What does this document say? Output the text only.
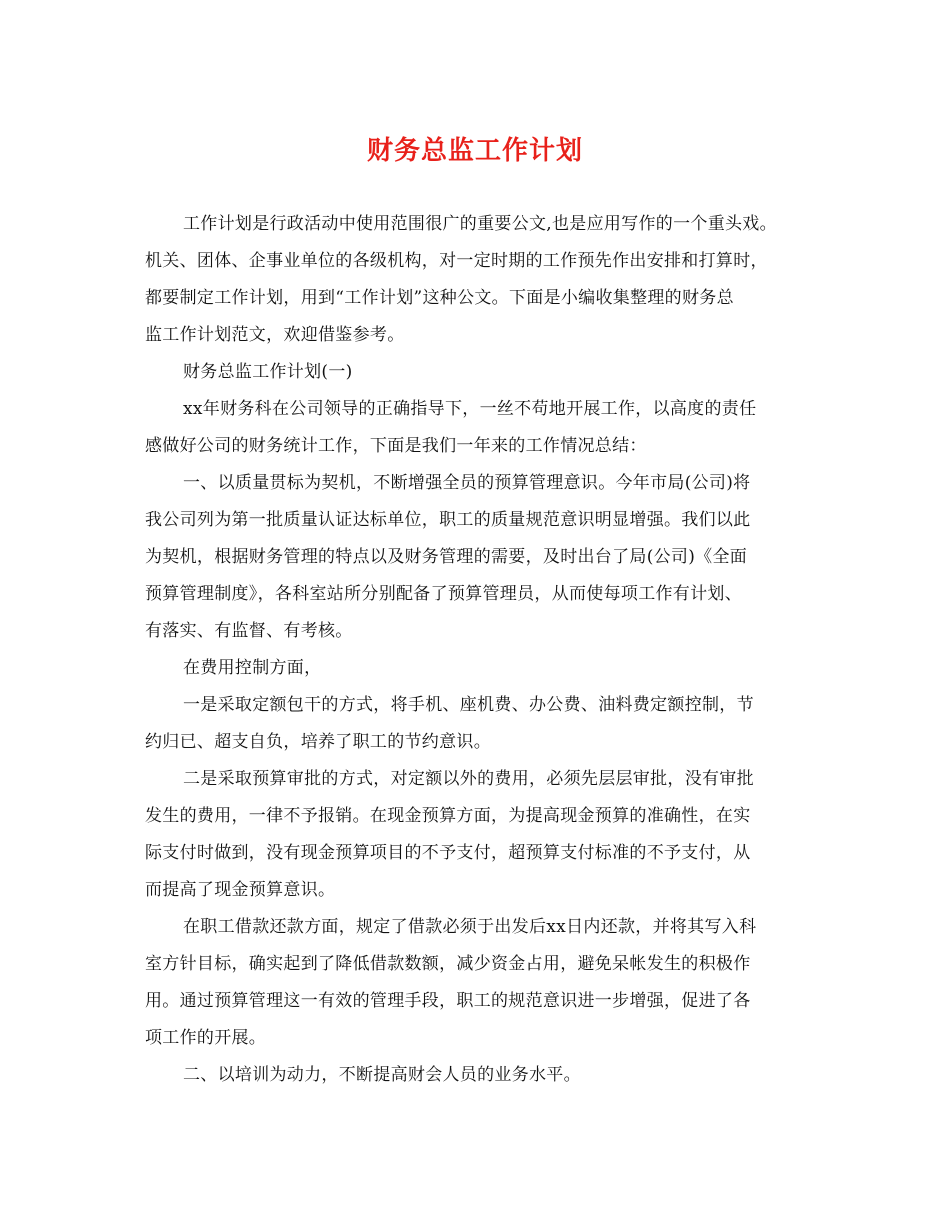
财务总监工作计划
工作计划是行政活动中使用范围很广的重要公文,也是应用写作的一个重头戏。
机关、团体、企事业单位的各级机构，对一定时期的工作预先作出安排和打算时，
都要制定工作计划，用到“工作计划”这种公文。下面是小编收集整理的财务总
监工作计划范文，欢迎借鉴参考。
财务总监工作计划(一)
xx年财务科在公司领导的正确指导下，一丝不苟地开展工作，以高度的责任
感做好公司的财务统计工作，下面是我们一年来的工作情况总结：
一、以质量贯标为契机，不断增强全员的预算管理意识。今年市局(公司)将
我公司列为第一批质量认证达标单位，职工的质量规范意识明显增强。我们以此
为契机，根据财务管理的特点以及财务管理的需要，及时出台了局(公司)《全面
预算管理制度》，各科室站所分别配备了预算管理员，从而使每项工作有计划、
有落实、有监督、有考核。
在费用控制方面，
一是采取定额包干的方式，将手机、座机费、办公费、油料费定额控制，节
约归已、超支自负，培养了职工的节约意识。
二是采取预算审批的方式，对定额以外的费用，必须先层层审批，没有审批
发生的费用，一律不予报销。在现金预算方面，为提高现金预算的准确性，在实
际支付时做到，没有现金预算项目的不予支付，超预算支付标准的不予支付，从
而提高了现金预算意识。
在职工借款还款方面，规定了借款必须于出发后xx日内还款，并将其写入科
室方针目标，确实起到了降低借款数额，减少资金占用，避免呆帐发生的积极作
用。通过预算管理这一有效的管理手段，职工的规范意识进一步增强，促进了各
项工作的开展。
二、以培训为动力，不断提高财会人员的业务水平。
